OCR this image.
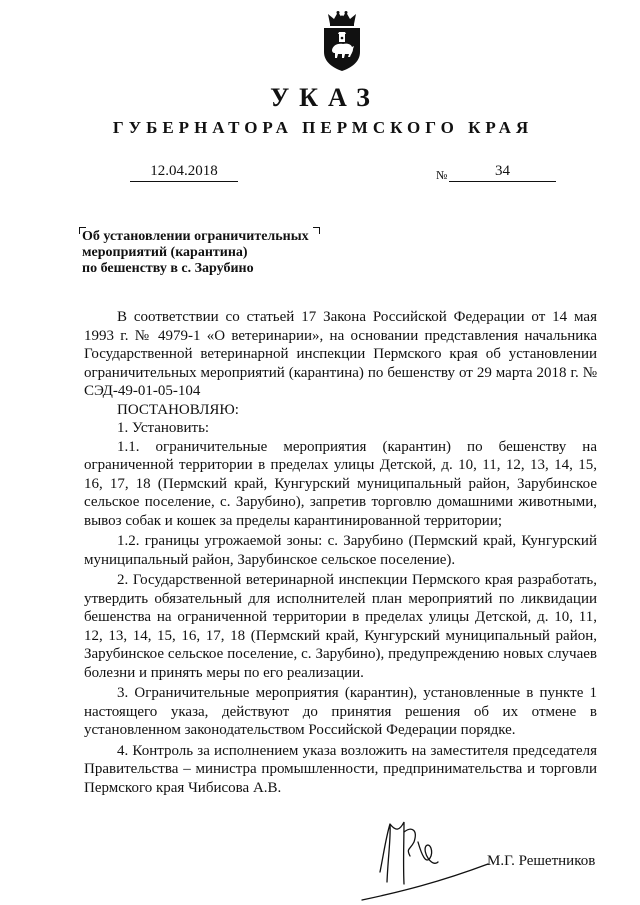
УКАЗ
ГУБЕРНАТОРА ПЕРМСКОГО КРАЯ
12.04.2018	№	34
Об установлении ограничительных
мероприятий (карантина)
по бешенству в с. Зарубино

В соответствии со статьей 17 Закона Российской Федерации от 14 мая 1993 г. № 4979-1 «О ветеринарии», на основании представления начальника Государственной ветеринарной инспекции Пермского края об установлении ограничительных мероприятий (карантина) по бешенству от 29 марта 2018 г. № СЭД-49-01-05-104

ПОСТАНОВЛЯЮ:

1. Установить:

1.1. ограничительные мероприятия (карантин) по бешенству на ограниченной территории в пределах улицы Детской, д. 10, 11, 12, 13, 14, 15, 16, 17, 18 (Пермский край, Кунгурский муниципальный район, Зарубинское сельское поселение, с. Зарубино), запретив торговлю домашними животными, вывоз собак и кошек за пределы карантинированной территории;

1.2. границы угрожаемой зоны: с. Зарубино (Пермский край, Кунгурский муниципальный район, Зарубинское сельское поселение).

2. Государственной ветеринарной инспекции Пермского края разработать, утвердить обязательный для исполнителей план мероприятий по ликвидации бешенства на ограниченной территории в пределах улицы Детской, д. 10, 11, 12, 13, 14, 15, 16, 17, 18 (Пермский край, Кунгурский муниципальный район, Зарубинское сельское поселение, с. Зарубино), предупреждению новых случаев болезни и принять меры по его реализации.

3. Ограничительные мероприятия (карантин), установленные в пункте 1 настоящего указа, действуют до принятия решения об их отмене в установленном законодательством Российской Федерации порядке.

4. Контроль за исполнением указа возложить на заместителя председателя Правительства – министра промышленности, предпринимательства и торговли Пермского края Чибисова А.В.

М.Г. Решетников
